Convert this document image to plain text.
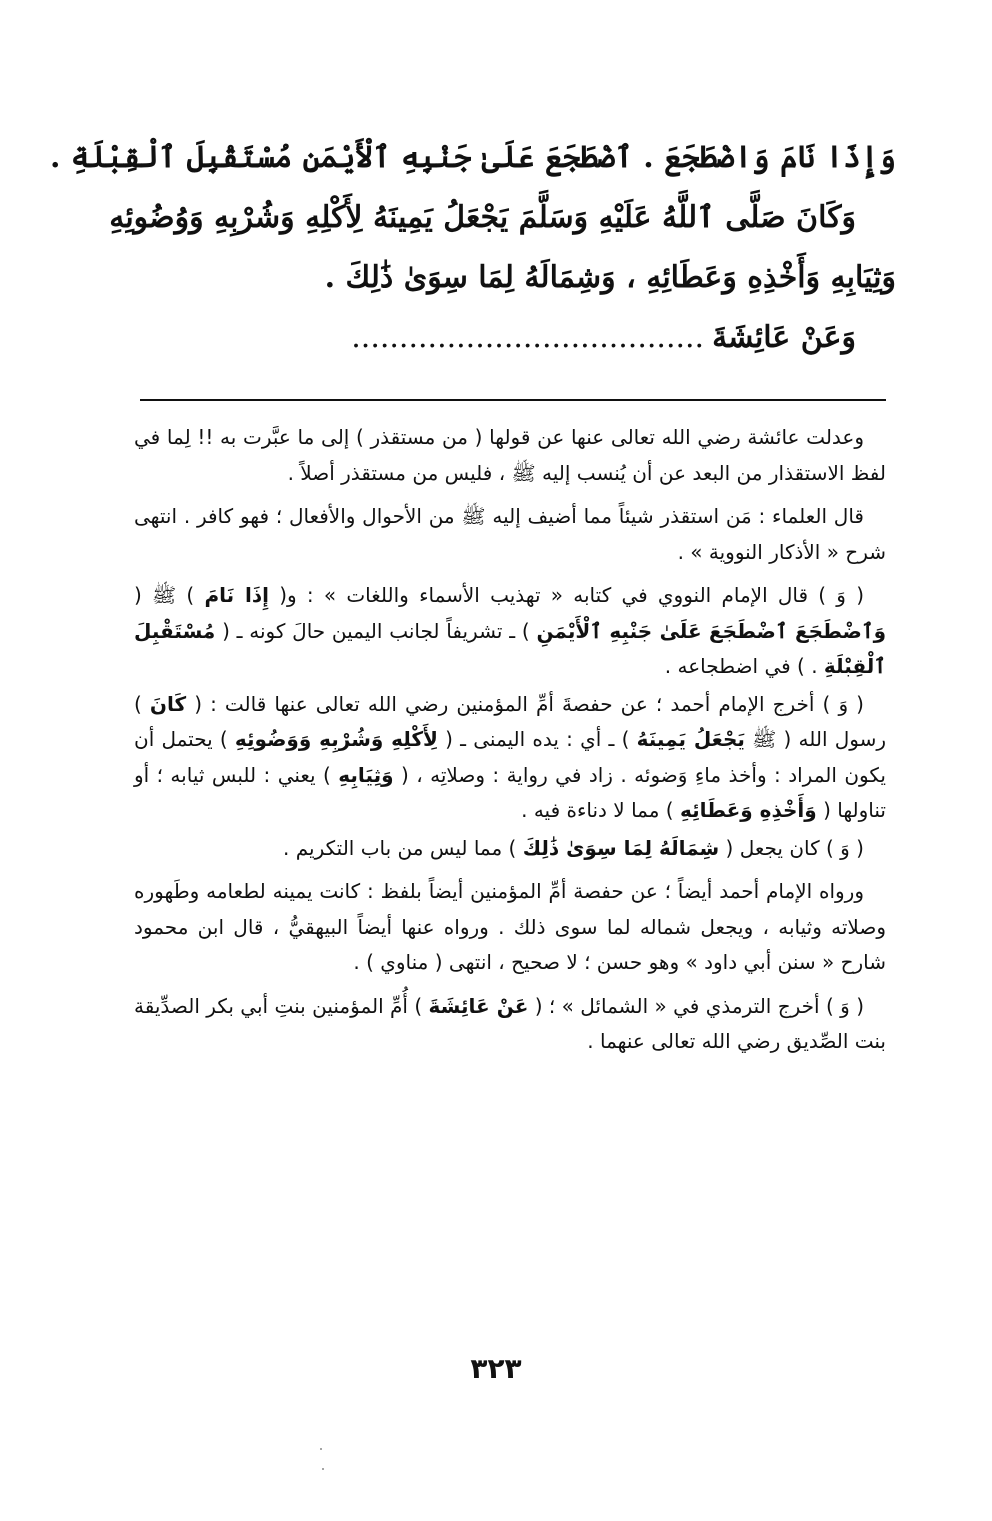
وَإِذَا نَامَ وَاضْطَجَعَ . ٱضْطَجَعَ عَلَىٰ جَنْبِهِ ٱلْأَيْمَنِ مُسْتَقْبِلَ ٱلْقِبْلَةِ .
وَكَانَ صَلَّى ٱللَّهُ عَلَيْهِ وَسَلَّمَ يَجْعَلُ يَمِينَهُ لِأَكْلِهِ وَشُرْبِهِ وَوُضُوئِهِ
وَثِيَابِهِ وَأَخْذِهِ وَعَطَائِهِ ، وَشِمَالَهُ لِمَا سِوَىٰ ذَٰلِكَ .
وَعَنْ عَائِشَةَ.....................................

وعدلت عائشة رضي الله تعالى عنها عن قولها ( من مستقذر ) إلى ما عبَّرت به !! لِما في لفظ الاستقذار من البعد عن أن يُنسب إليه ﷺ ، فليس من مستقذر أصلاً .

قال العلماء : مَن استقذر شيئاً مما أضيف إليه ﷺ من الأحوال والأفعال ؛ فهو كافر . انتهى شرح « الأذكار النووية » .

( وَ ) قال الإمام النووي في كتابه « تهذيب الأسماء واللغات » : و( إِذَا نَامَ ) ﷺ ( وَٱضْطَجَعَ ٱضْطَجَعَ عَلَىٰ جَنْبِهِ ٱلْأَيْمَنِ ) ـ تشريفاً لجانب اليمين حالَ كونه ـ ( مُسْتَقْبِلَ ٱلْقِبْلَةِ . ) في اضطجاعه .

( وَ ) أخرج الإمام أحمد ؛ عن حفصةَ أمِّ المؤمنين رضي الله تعالى عنها قالت : ( كَانَ ) رسول الله ( ﷺ يَجْعَلُ يَمِينَهُ ) ـ أي : يده اليمنى ـ ( لِأَكْلِهِ وَشُرْبِهِ وَوَضُوئِهِ ) يحتمل أن يكون المراد : وأخذ ماءِ وَضوئه . زاد في رواية : وصلاتِه ، ( وَثِيَابِهِ ) يعني : للبس ثيابه ؛ أو تناولها ( وَأَخْذِهِ وَعَطَائِهِ ) مما لا دناءة فيه .

( وَ ) كان يجعل ( شِمَالَهُ لِمَا سِوَىٰ ذَٰلِكَ ) مما ليس من باب التكريم .

ورواه الإمام أحمد أيضاً ؛ عن حفصة أمِّ المؤمنين أيضاً بلفظ : كانت يمينه لطعامه وطَهوره وصلاته وثيابه ، ويجعل شماله لما سوى ذلك . ورواه عنها أيضاً البيهقيُّ ، قال ابن محمود شارح « سنن أبي داود » وهو حسن ؛ لا صحيح ، انتهى ( مناوي ) .

( وَ ) أخرج الترمذي في « الشمائل » ؛ ( عَنْ عَائِشَةَ ) أُمِّ المؤمنين بنتِ أبي بكر الصدِّيقة بنت الصِّديق رضي الله تعالى عنهما .

٣٢٣
